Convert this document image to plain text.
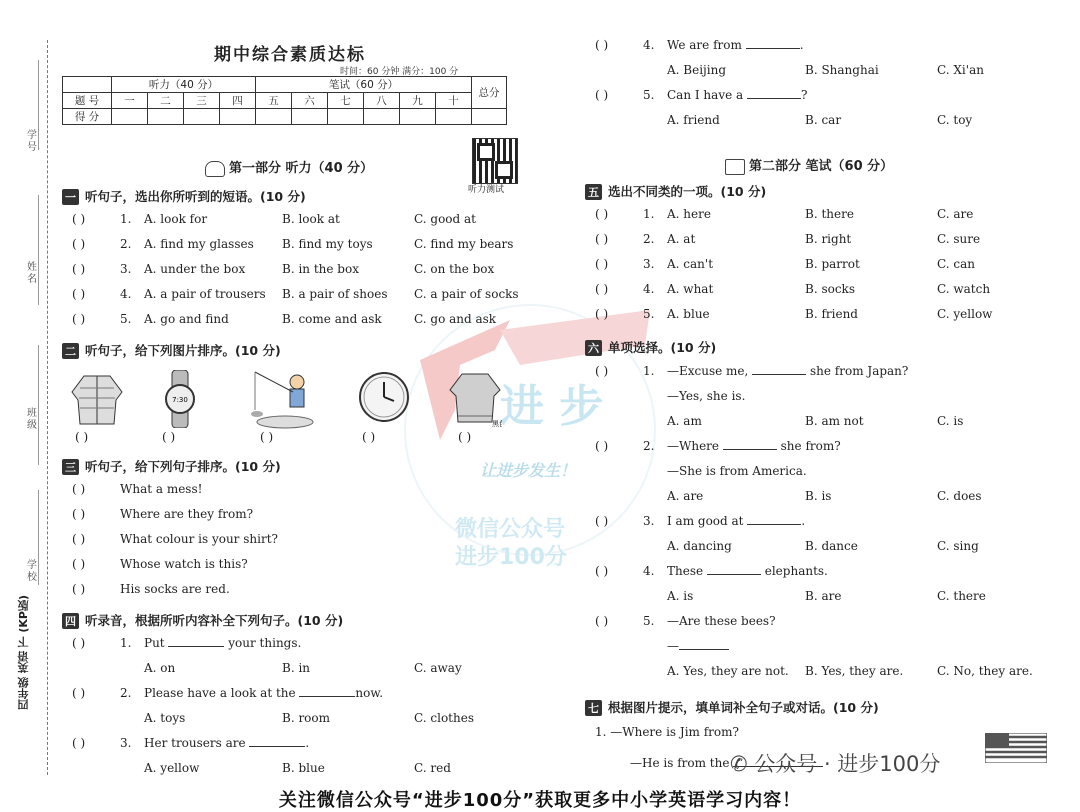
学号
姓名
班级
学校
四年级 英语 下 (KP版)
期中综合素质达标
时间：60 分钟 满分：100 分
	听力（40 分）				笔试（60 分）						总分
题 号	一	二	三	四	五	六	七	八	九	十	
得 分											
听力测试
进 步
让进步发生！
微信公众号
进步100分
第一部分 听力（40 分）
一 听句子，选出你所听到的短语。(10 分)
( )	1. A. look for	B. look at	C. good at
( )	2. A. find my glasses B. find my toys	C. find my bears
( )	3. A. under the box	B. in the box	C. on the box
( )	4. A. a pair of trousers B. a pair of shoes C. a pair of socks
( )	5. A. go and find	B. come and ask	C. go and ask
二 听句子，给下列图片排序。(10 分)
7:30
黑
( )	( )	( )	( )	( )
三 听句子，给下列句子排序。(10 分)
( )	What a mess!
( )	Where are they from?
( )	What colour is your shirt?
( )	Whose watch is this?
( )	His socks are red.
四 听录音，根据所听内容补全下列句子。(10 分)
( )	1. Put	your things.
A. on	B. in	C. away
( )	2. Please have a look at the	now.
A. toys	B. room	C. clothes
( )	3. Her trousers are	.
A. yellow	B. blue	C. red
( )	4. We are from	.
A. Beijing	B. Shanghai	C. Xi'an
( )	5. Can I have a	?
A. friend	B. car	C. toy
第二部分 笔试（60 分）
五 选出不同类的一项。(10 分)
( )	1. A. here	B. there	C. are
( )	2. A. at	B. right	C. sure
( )	3. A. can't	B. parrot	C. can
( )	4. A. what	B. socks	C. watch
( )	5. A. blue	B. friend	C. yellow
六 单项选择。(10 分)
( )	1. —Excuse me,	she from Japan?
—Yes, she is.
A. am	B. am not	C. is
( )	2. —Where	she from?
—She is from America.
A. are	B. is	C. does
( )	3. I am good at	.
A. dancing	B. dance	C. sing
( )	4. These	elephants.
A. is	B. are	C. there
( )	5. —Are these bees?
—
A. Yes, they are not. B. Yes, they are.	C. No, they are.
七 根据图片提示，填单词补全句子或对话。(10 分)
1. —Where is Jim from?
—He is from the ✆ 公众号 · 进步100分
关注微信公众号“进步100分”获取更多中小学英语学习内容！
